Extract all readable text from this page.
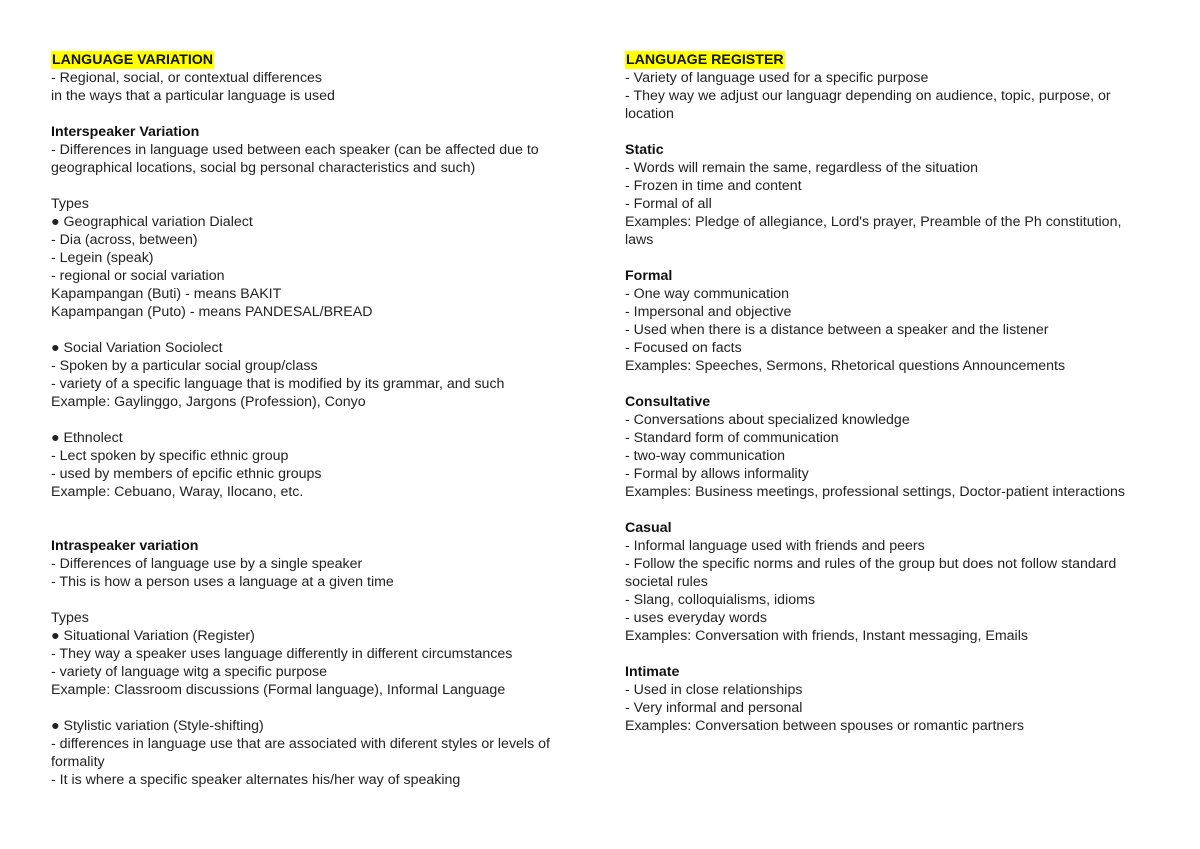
LANGUAGE VARIATION
- Regional, social, or contextual differences
in the ways that a particular language is used
Interspeaker Variation
- Differences in language used between each speaker (can be affected due to geographical locations, social bg personal characteristics and such)
Types
● Geographical variation Dialect
- Dia (across, between)
- Legein (speak)
- regional or social variation
Kapampangan (Buti) - means BAKIT
Kapampangan (Puto) - means PANDESAL/BREAD
● Social Variation Sociolect
- Spoken by a particular social group/class
- variety of a specific language that is modified by its grammar, and such
Example: Gaylinggo, Jargons (Profession), Conyo
● Ethnolect
- Lect spoken by specific ethnic group
- used by members of epcific ethnic groups
Example: Cebuano, Waray, Ilocano, etc.
Intraspeaker variation
- Differences of language use by a single speaker
- This is how a person uses a language at a given time
Types
● Situational Variation (Register)
- They way a speaker uses language differently in different circumstances
- variety of language witg a specific purpose
Example: Classroom discussions (Formal language), Informal Language
● Stylistic variation (Style-shifting)
- differences in language use that are associated with diferent styles or levels of formality
- It is where a specific speaker alternates his/her way of speaking
LANGUAGE REGISTER
- Variety of language used for a specific purpose
- They way we adjust our languagr depending on audience, topic, purpose, or location
Static
- Words will remain the same, regardless of the situation
- Frozen in time and content
- Formal of all
Examples: Pledge of allegiance, Lord's prayer, Preamble of the Ph constitution, laws
Formal
- One way communication
- Impersonal and objective
- Used when there is a distance between a speaker and the listener
- Focused on facts
Examples: Speeches, Sermons, Rhetorical questions Announcements
Consultative
- Conversations about specialized knowledge
- Standard form of communication
- two-way communication
- Formal by allows informality
Examples: Business meetings, professional settings, Doctor-patient interactions
Casual
- Informal language used with friends and peers
- Follow the specific norms and rules of the group but does not follow standard societal rules
- Slang, colloquialisms, idioms
- uses everyday words
Examples: Conversation with friends, Instant messaging, Emails
Intimate
- Used in close relationships
- Very informal and personal
Examples: Conversation between spouses or romantic partners
